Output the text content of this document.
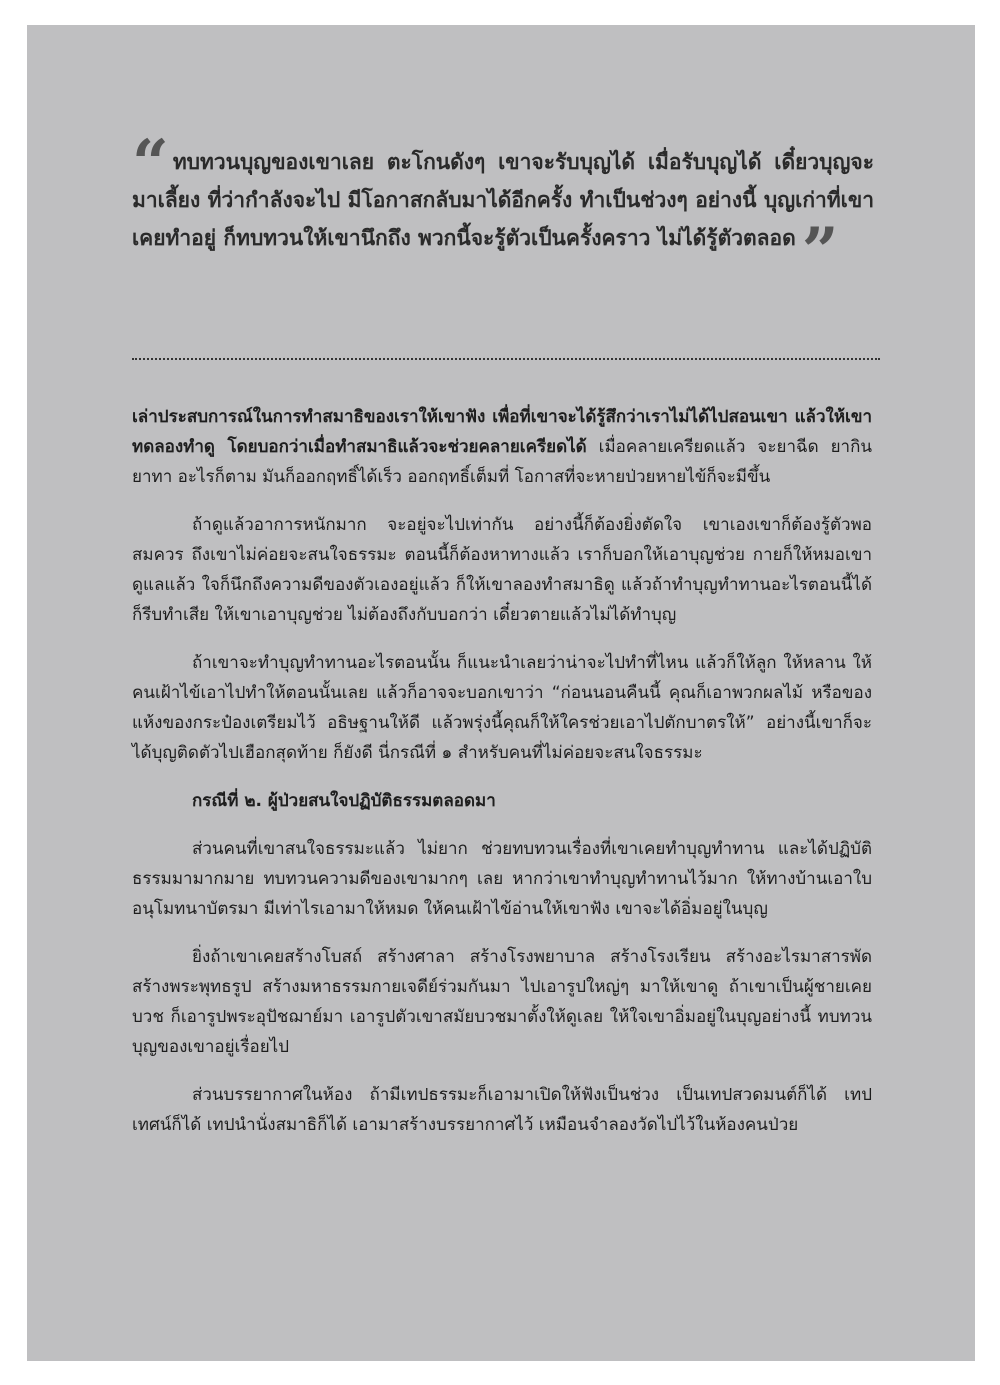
“ ทบทวนบุญของเขาเลย ตะโกนดังๆ เขาจะรับบุญได้ เมื่อรับบุญได้ เดี๋ยวบุญจะมาเลี้ยง ที่ว่ากำลังจะไป มีโอกาสกลับมาได้อีกครั้ง ทำเป็นช่วงๆ อย่างนี้ บุญเก่าที่เขาเคยทำอยู่ ก็ทบทวนให้เขานึกถึง พวกนี้จะรู้ตัวเป็นครั้งคราว ไม่ได้รู้ตัวตลอด”

เล่าประสบการณ์ในการทำสมาธิของเราให้เขาฟัง เพื่อที่เขาจะได้รู้สึกว่าเราไม่ได้ไปสอนเขา แล้วให้เขาทดลองทำดู โดยบอกว่าเมื่อทำสมาธิแล้วจะช่วยคลายเครียดได้ เมื่อคลายเครียดแล้ว จะยาฉีด ยากิน ยาทา อะไรก็ตาม มันก็ออกฤทธิ์ได้เร็ว ออกฤทธิ์เต็มที่ โอกาสที่จะหายป่วยหายไข้ก็จะมีขึ้น

ถ้าดูแล้วอาการหนักมาก จะอยู่จะไปเท่ากัน อย่างนี้ก็ต้องยิ่งตัดใจ เขาเองเขาก็ต้องรู้ตัวพอสมควร ถึงเขาไม่ค่อยจะสนใจธรรมะ ตอนนี้ก็ต้องหาทางแล้ว เราก็บอกให้เอาบุญช่วย กายก็ให้หมอเขาดูแลแล้ว ใจก็นึกถึงความดีของตัวเองอยู่แล้ว ก็ให้เขาลองทำสมาธิดู แล้วถ้าทำบุญทำทานอะไรตอนนี้ได้ ก็รีบทำเสีย ให้เขาเอาบุญช่วย ไม่ต้องถึงกับบอกว่า เดี๋ยวตายแล้วไม่ได้ทำบุญ

ถ้าเขาจะทำบุญทำทานอะไรตอนนั้น ก็แนะนำเลยว่าน่าจะไปทำที่ไหน แล้วก็ให้ลูก ให้หลาน ให้คนเฝ้าไข้เอาไปทำให้ตอนนั้นเลย แล้วก็อาจจะบอกเขาว่า “ก่อนนอนคืนนี้ คุณก็เอาพวกผลไม้ หรือของแห้งของกระป๋องเตรียมไว้ อธิษฐานให้ดี แล้วพรุ่งนี้คุณก็ให้ใครช่วยเอาไปตักบาตรให้” อย่างนี้เขาก็จะได้บุญติดตัวไปเฮือกสุดท้าย ก็ยังดี นี่กรณีที่ ๑ สำหรับคนที่ไม่ค่อยจะสนใจธรรมะ

กรณีที่ ๒. ผู้ป่วยสนใจปฏิบัติธรรมตลอดมา

ส่วนคนที่เขาสนใจธรรมะแล้ว ไม่ยาก ช่วยทบทวนเรื่องที่เขาเคยทำบุญทำทาน และได้ปฏิบัติธรรมมามากมาย ทบทวนความดีของเขามากๆ เลย หากว่าเขาทำบุญทำทานไว้มาก ให้ทางบ้านเอาใบอนุโมทนาบัตรมา มีเท่าไรเอามาให้หมด ให้คนเฝ้าไข้อ่านให้เขาฟัง เขาจะได้อิ่มอยู่ในบุญ

ยิ่งถ้าเขาเคยสร้างโบสถ์ สร้างศาลา สร้างโรงพยาบาล สร้างโรงเรียน สร้างอะไรมาสารพัด สร้างพระพุทธรูป สร้างมหาธรรมกายเจดีย์ร่วมกันมา ไปเอารูปใหญ่ๆ มาให้เขาดู ถ้าเขาเป็นผู้ชายเคยบวช ก็เอารูปพระอุปัชฌาย์มา เอารูปตัวเขาสมัยบวชมาตั้งให้ดูเลย ให้ใจเขาอิ่มอยู่ในบุญอย่างนี้ ทบทวนบุญของเขาอยู่เรื่อยไป

ส่วนบรรยากาศในห้อง ถ้ามีเทปธรรมะก็เอามาเปิดให้ฟังเป็นช่วง เป็นเทปสวดมนต์ก็ได้ เทปเทศน์ก็ได้ เทปนำนั่งสมาธิก็ได้ เอามาสร้างบรรยากาศไว้ เหมือนจำลองวัดไปไว้ในห้องคนป่วย
